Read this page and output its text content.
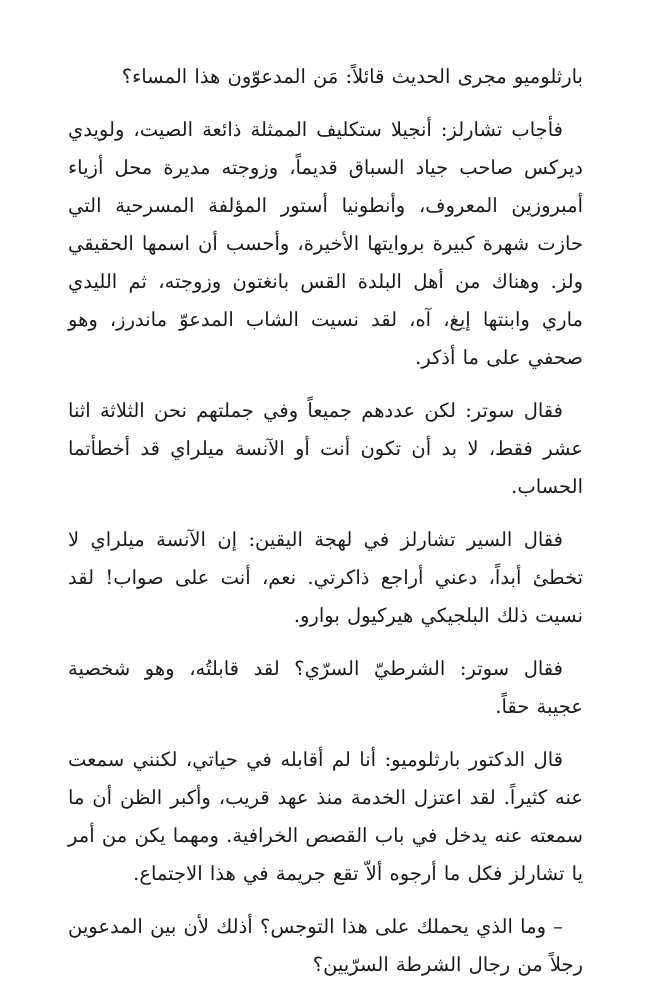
بارثلوميو مجرى الحديث قائلاً: مَن المدعوّون هذا المساء؟

فأجاب تشارلز: أنجيلا ستكليف الممثلة ذائعة الصيت، ولويدي ديركس صاحب جياد السباق قديماً، وزوجته مديرة محل أزياء أمبروزين المعروف، وأنطونيا أستور المؤلفة المسرحية التي حازت شهرة كبيرة بروايتها الأخيرة، وأحسب أن اسمها الحقيقي ولز. وهناك من أهل البلدة القس بانغتون وزوجته، ثم الليدي ماري وابنتها إيغ، آه، لقد نسيت الشاب المدعوّ ماندرز، وهو صحفي على ما أذكر.

فقال سوتر: لكن عددهم جميعاً وفي جملتهم نحن الثلاثة اثنا عشر فقط، لا بد أن تكون أنت أو الآنسة ميلراي قد أخطأتما الحساب.

فقال السير تشارلز في لهجة اليقين: إن الآنسة ميلراي لا تخطئ أبداً، دعني أراجع ذاكرتي. نعم، أنت على صواب! لقد نسيت ذلك البلجيكي هيركيول بوارو.

فقال سوتر: الشرطيّ السرّي؟ لقد قابلتُه، وهو شخصية عجيبة حقاً.

قال الدكتور بارثلوميو: أنا لم أقابله في حياتي، لكنني سمعت عنه كثيراً. لقد اعتزل الخدمة منذ عهد قريب، وأكبر الظن أن ما سمعته عنه يدخل في باب القصص الخرافية. ومهما يكن من أمر يا تشارلز فكل ما أرجوه ألاّ تقع جريمة في هذا الاجتماع.

– وما الذي يحملك على هذا التوجس؟ أذلك لأن بين المدعوين رجلاً من رجال الشرطة السرّيين؟
